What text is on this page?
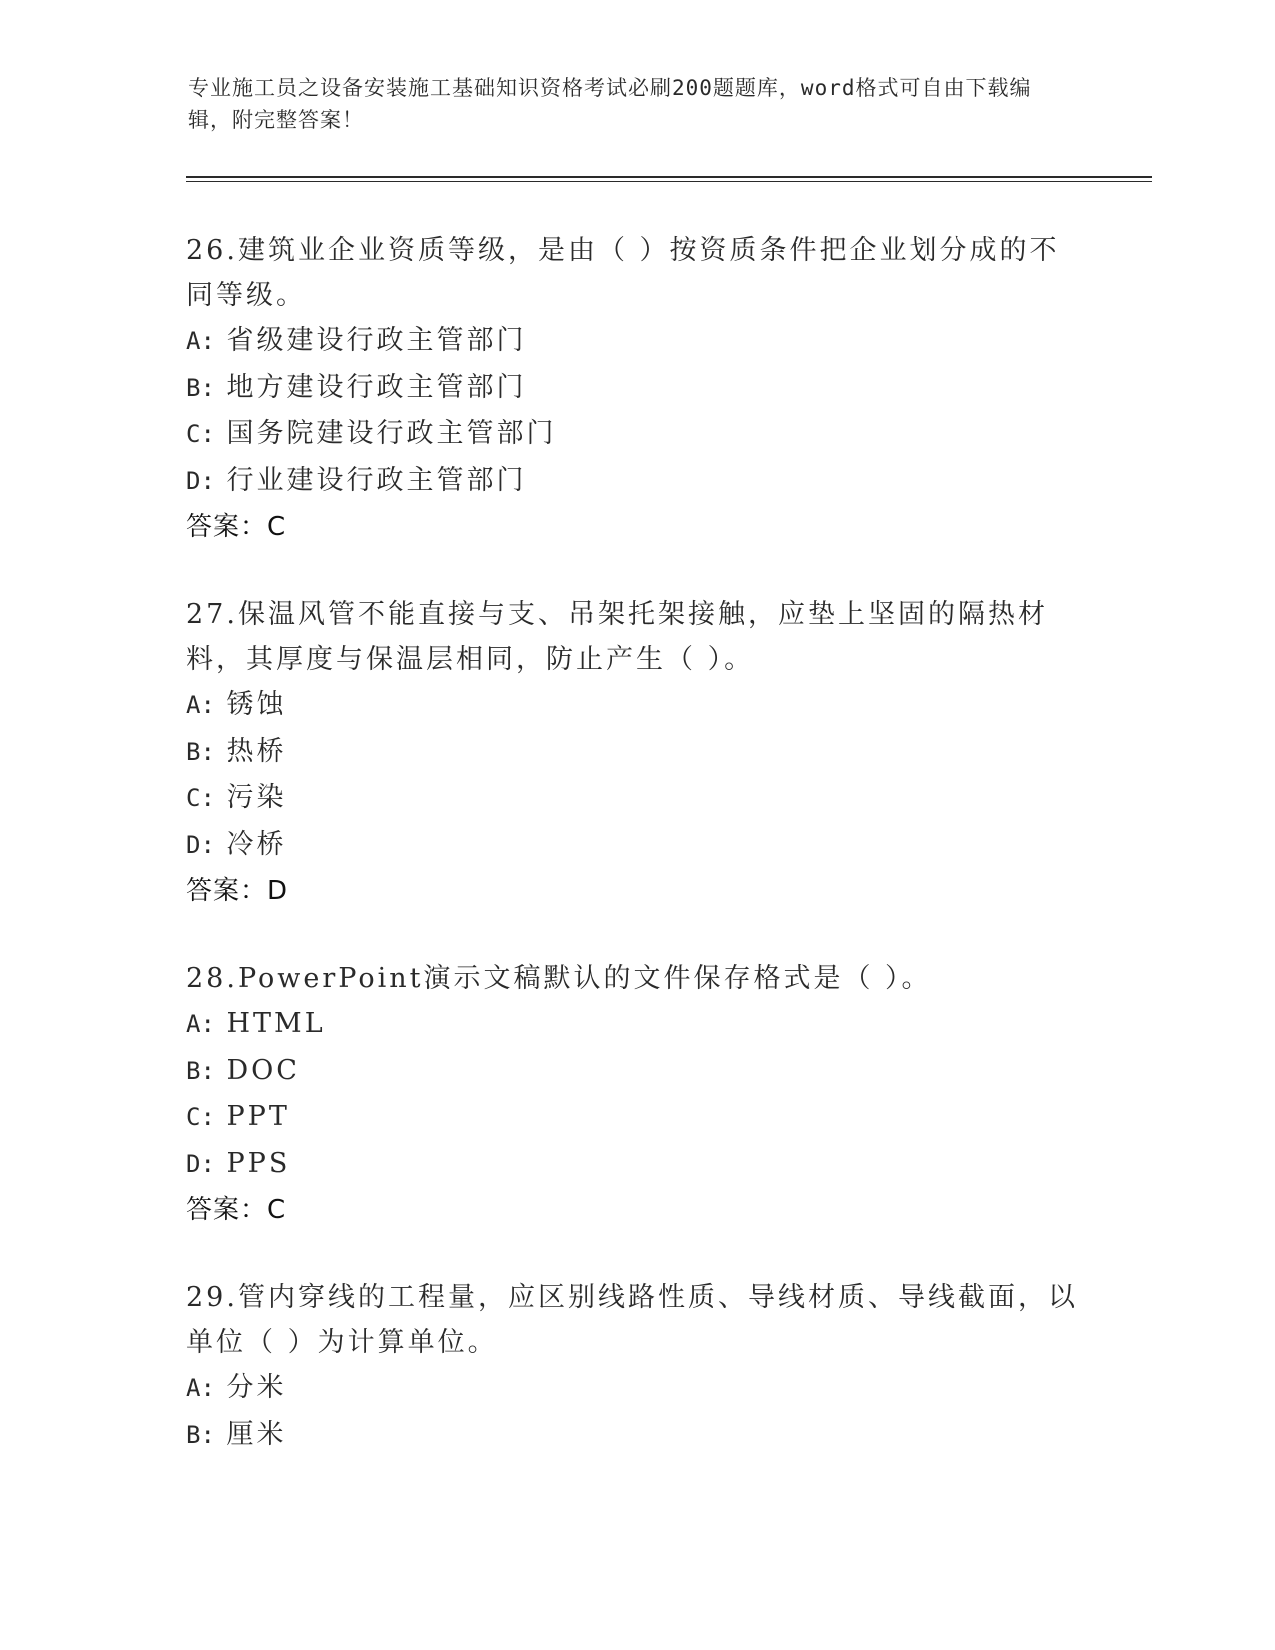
专业施工员之设备安装施工基础知识资格考试必刷200题题库，word格式可自由下载编辑，附完整答案！
26.建筑业企业资质等级，是由（ ）按资质条件把企业划分成的不同等级。
A: 省级建设行政主管部门
B: 地方建设行政主管部门
C: 国务院建设行政主管部门
D: 行业建设行政主管部门
答案：C
27.保温风管不能直接与支、吊架托架接触，应垫上坚固的隔热材料，其厚度与保温层相同，防止产生（ ）。
A: 锈蚀
B: 热桥
C: 污染
D: 冷桥
答案：D
28.PowerPoint演示文稿默认的文件保存格式是（ ）。
A: HTML
B: DOC
C: PPT
D: PPS
答案：C
29.管内穿线的工程量，应区别线路性质、导线材质、导线截面，以单位（ ）为计算单位。
A: 分米
B: 厘米
